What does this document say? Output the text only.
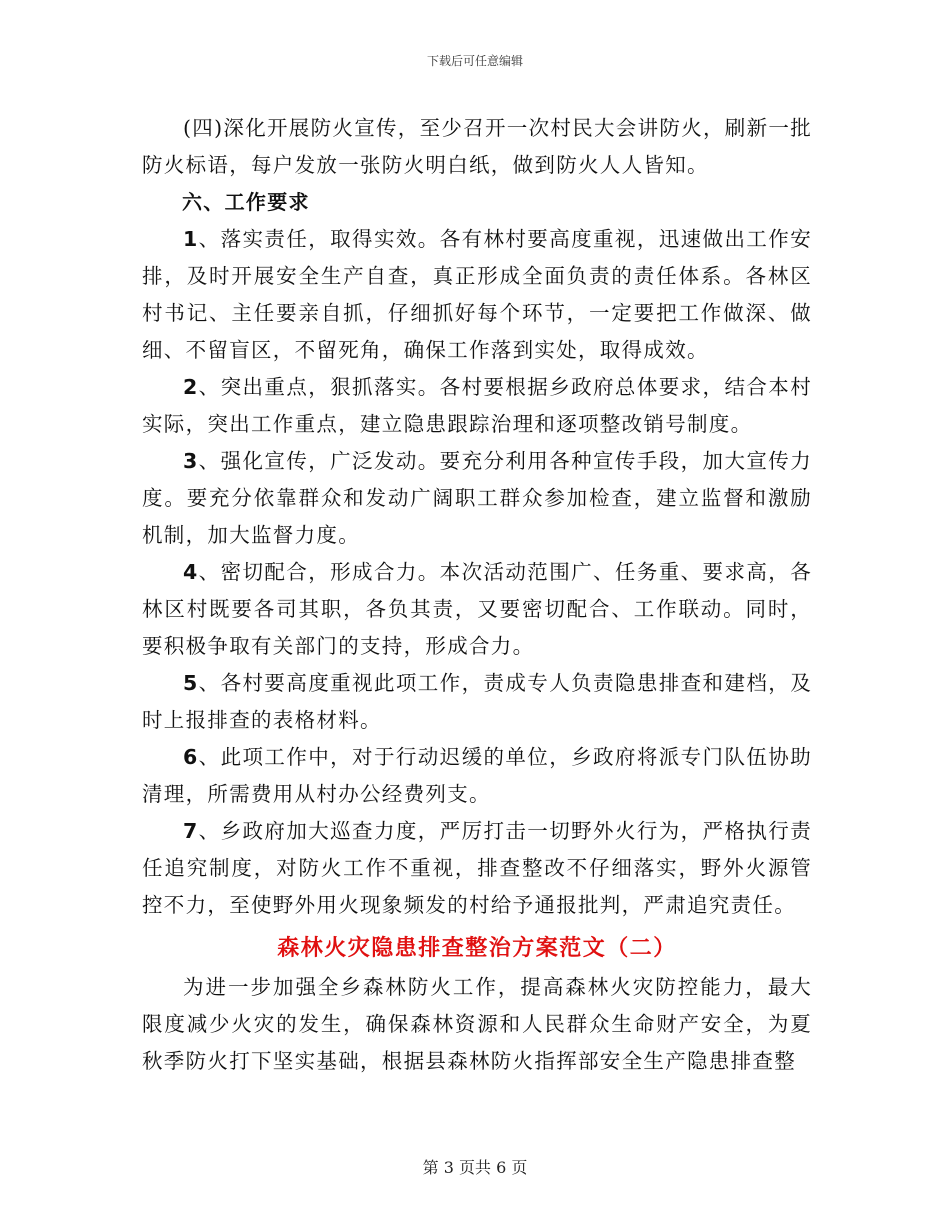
下载后可任意编辑

(四)深化开展防火宣传，至少召开一次村民大会讲防火，刷新一批防火标语，每户发放一张防火明白纸，做到防火人人皆知。

六、工作要求

1、落实责任，取得实效。各有林村要高度重视，迅速做出工作安排，及时开展安全生产自查，真正形成全面负责的责任体系。各林区村书记、主任要亲自抓，仔细抓好每个环节，一定要把工作做深、做细、不留盲区，不留死角，确保工作落到实处，取得成效。

2、突出重点，狠抓落实。各村要根据乡政府总体要求，结合本村实际，突出工作重点，建立隐患跟踪治理和逐项整改销号制度。

3、强化宣传，广泛发动。要充分利用各种宣传手段，加大宣传力度。要充分依靠群众和发动广阔职工群众参加检查，建立监督和激励机制，加大监督力度。

4、密切配合，形成合力。本次活动范围广、任务重、要求高，各林区村既要各司其职，各负其责，又要密切配合、工作联动。同时，要积极争取有关部门的支持，形成合力。

5、各村要高度重视此项工作，责成专人负责隐患排查和建档，及时上报排查的表格材料。

6、此项工作中，对于行动迟缓的单位，乡政府将派专门队伍协助清理，所需费用从村办公经费列支。

7、乡政府加大巡查力度，严厉打击一切野外火行为，严格执行责任追究制度，对防火工作不重视，排查整改不仔细落实，野外火源管控不力，至使野外用火现象频发的村给予通报批判，严肃追究责任。

森林火灾隐患排查整治方案范文（二）

为进一步加强全乡森林防火工作，提高森林火灾防控能力，最大限度减少火灾的发生，确保森林资源和人民群众生命财产安全，为夏秋季防火打下坚实基础，根据县森林防火指挥部安全生产隐患排查整

第 3 页共 6 页
